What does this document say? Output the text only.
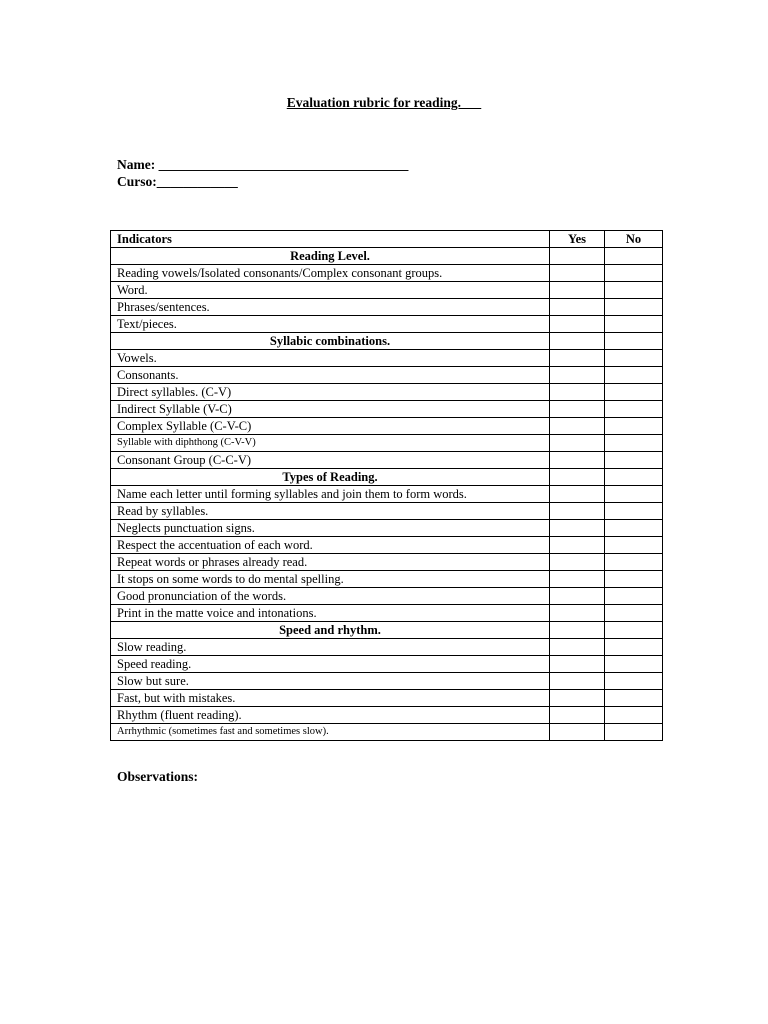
Evaluation rubric for reading.
Name: _____________________________________
Curso:____________
Indicators	Yes	No
Reading Level.		
Reading vowels/Isolated consonants/Complex consonant groups.		
Word.		
Phrases/sentences.		
Text/pieces.		
Syllabic combinations.		
Vowels.		
Consonants.		
Direct syllables. (C-V)		
Indirect Syllable (V-C)		
Complex Syllable (C-V-C)		
Syllable with diphthong (C-V-V)		
Consonant Group (C-C-V)		
Types of Reading.		
Name each letter until forming syllables and join them to form words.		
Read by syllables.		
Neglects punctuation signs.		
Respect the accentuation of each word.		
Repeat words or phrases already read.		
It stops on some words to do mental spelling.		
Good pronunciation of the words.		
Print in the matte voice and intonations.		
Speed and rhythm.		
Slow reading.		
Speed reading.		
Slow but sure.		
Fast, but with mistakes.		
Rhythm (fluent reading).		
Arrhythmic (sometimes fast and sometimes slow).		
Observations:
